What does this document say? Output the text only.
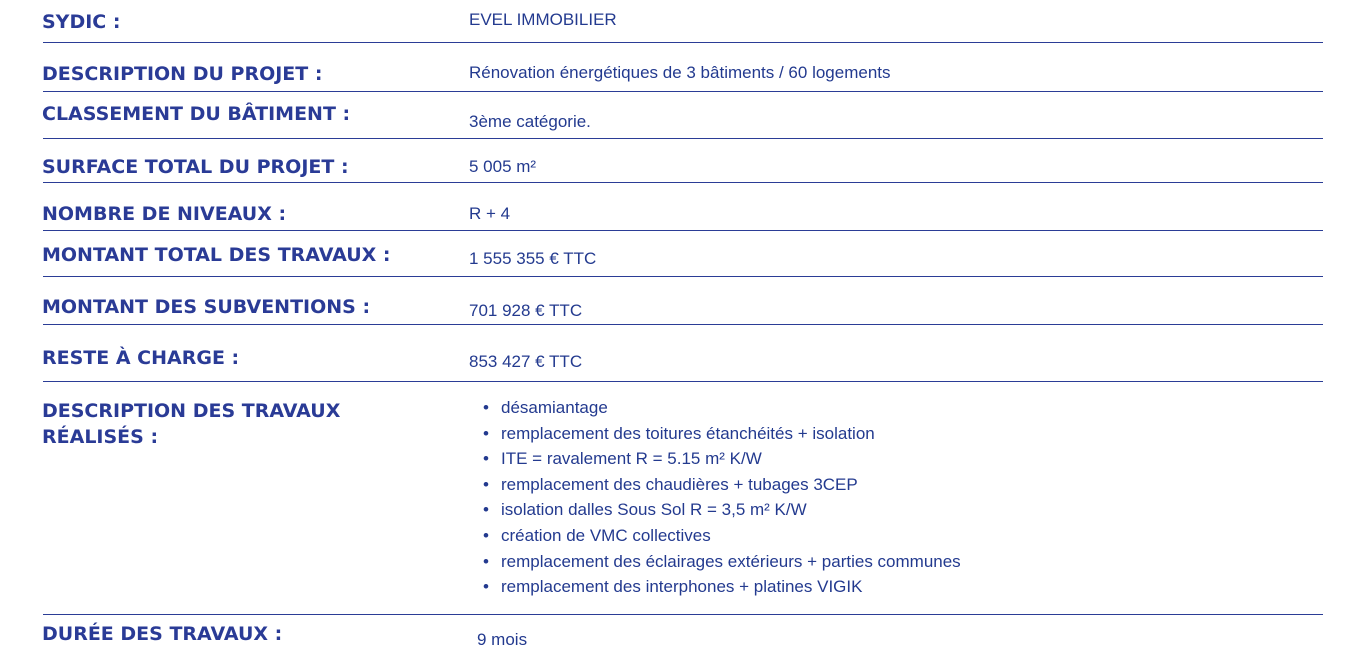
SYDIC :	EVEL IMMOBILIER
DESCRIPTION DU PROJET :	Rénovation énergétiques de 3 bâtiments / 60 logements
CLASSEMENT DU BÂTIMENT :	3ème catégorie.
SURFACE TOTAL DU PROJET :	5 005 m²
NOMBRE DE NIVEAUX :	R + 4
MONTANT TOTAL DES TRAVAUX :	1 555 355 € TTC
MONTANT DES SUBVENTIONS :	701 928 € TTC
RESTE À CHARGE :	853 427 € TTC
DESCRIPTION DES TRAVAUX
RÉALISÉS :
• désamiantage
• remplacement des toitures étanchéités + isolation
• ITE = ravalement R = 5.15 m² K/W
• remplacement des chaudières + tubages 3CEP
• isolation dalles Sous Sol R = 3,5 m² K/W
• création de VMC collectives
• remplacement des éclairages extérieurs + parties communes
• remplacement des interphones + platines VIGIK
DURÉE DES TRAVAUX :	9 mois
